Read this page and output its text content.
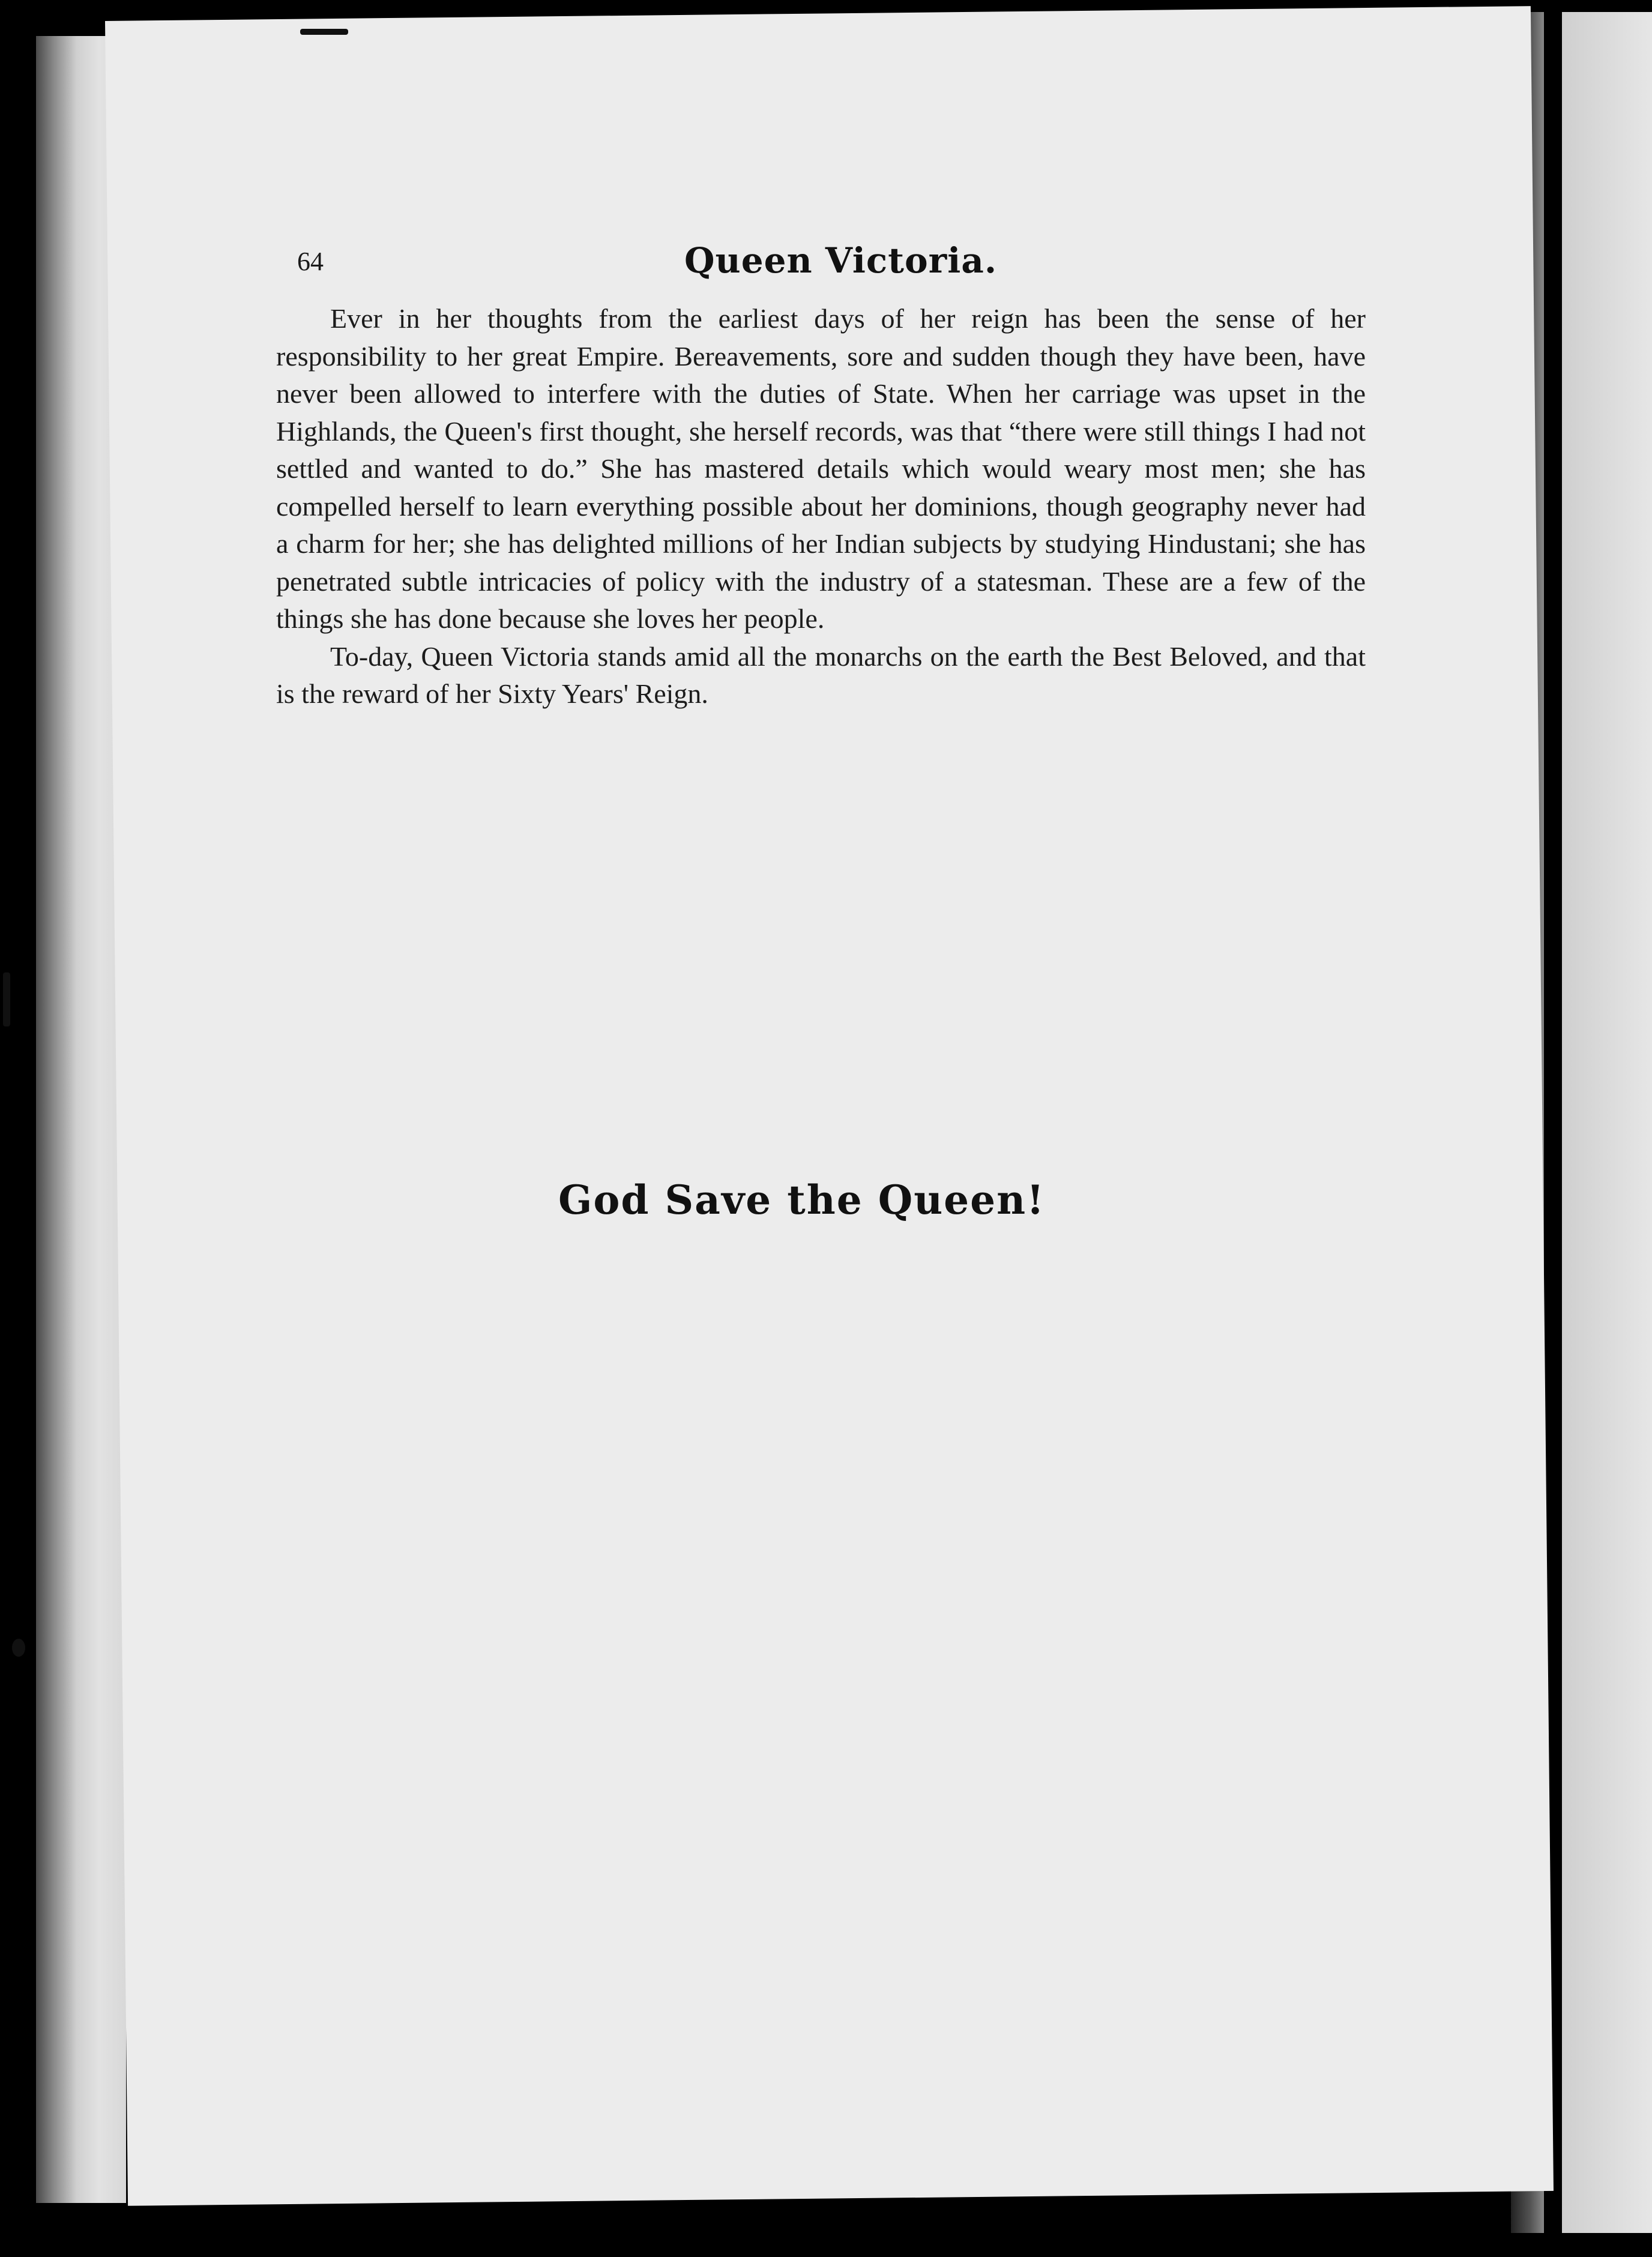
64	Queen Victoria.

Ever in her thoughts from the earliest days of her reign has been the sense of her responsibility to her great Empire. Bereavements, sore and sudden though they have been, have never been allowed to interfere with the duties of State. When her carriage was upset in the Highlands, the Queen's first thought, she herself records, was that “there were still things I had not settled and wanted to do.” She has mastered details which would weary most men; she has compelled herself to learn everything possible about her dominions, though geography never had a charm for her; she has delighted millions of her Indian subjects by studying Hindustani; she has penetrated subtle intricacies of policy with the industry of a statesman. These are a few of the things she has done because she loves her people.

To-day, Queen Victoria stands amid all the monarchs on the earth the Best Beloved, and that is the reward of her Sixty Years' Reign.

God Save the Queen!
